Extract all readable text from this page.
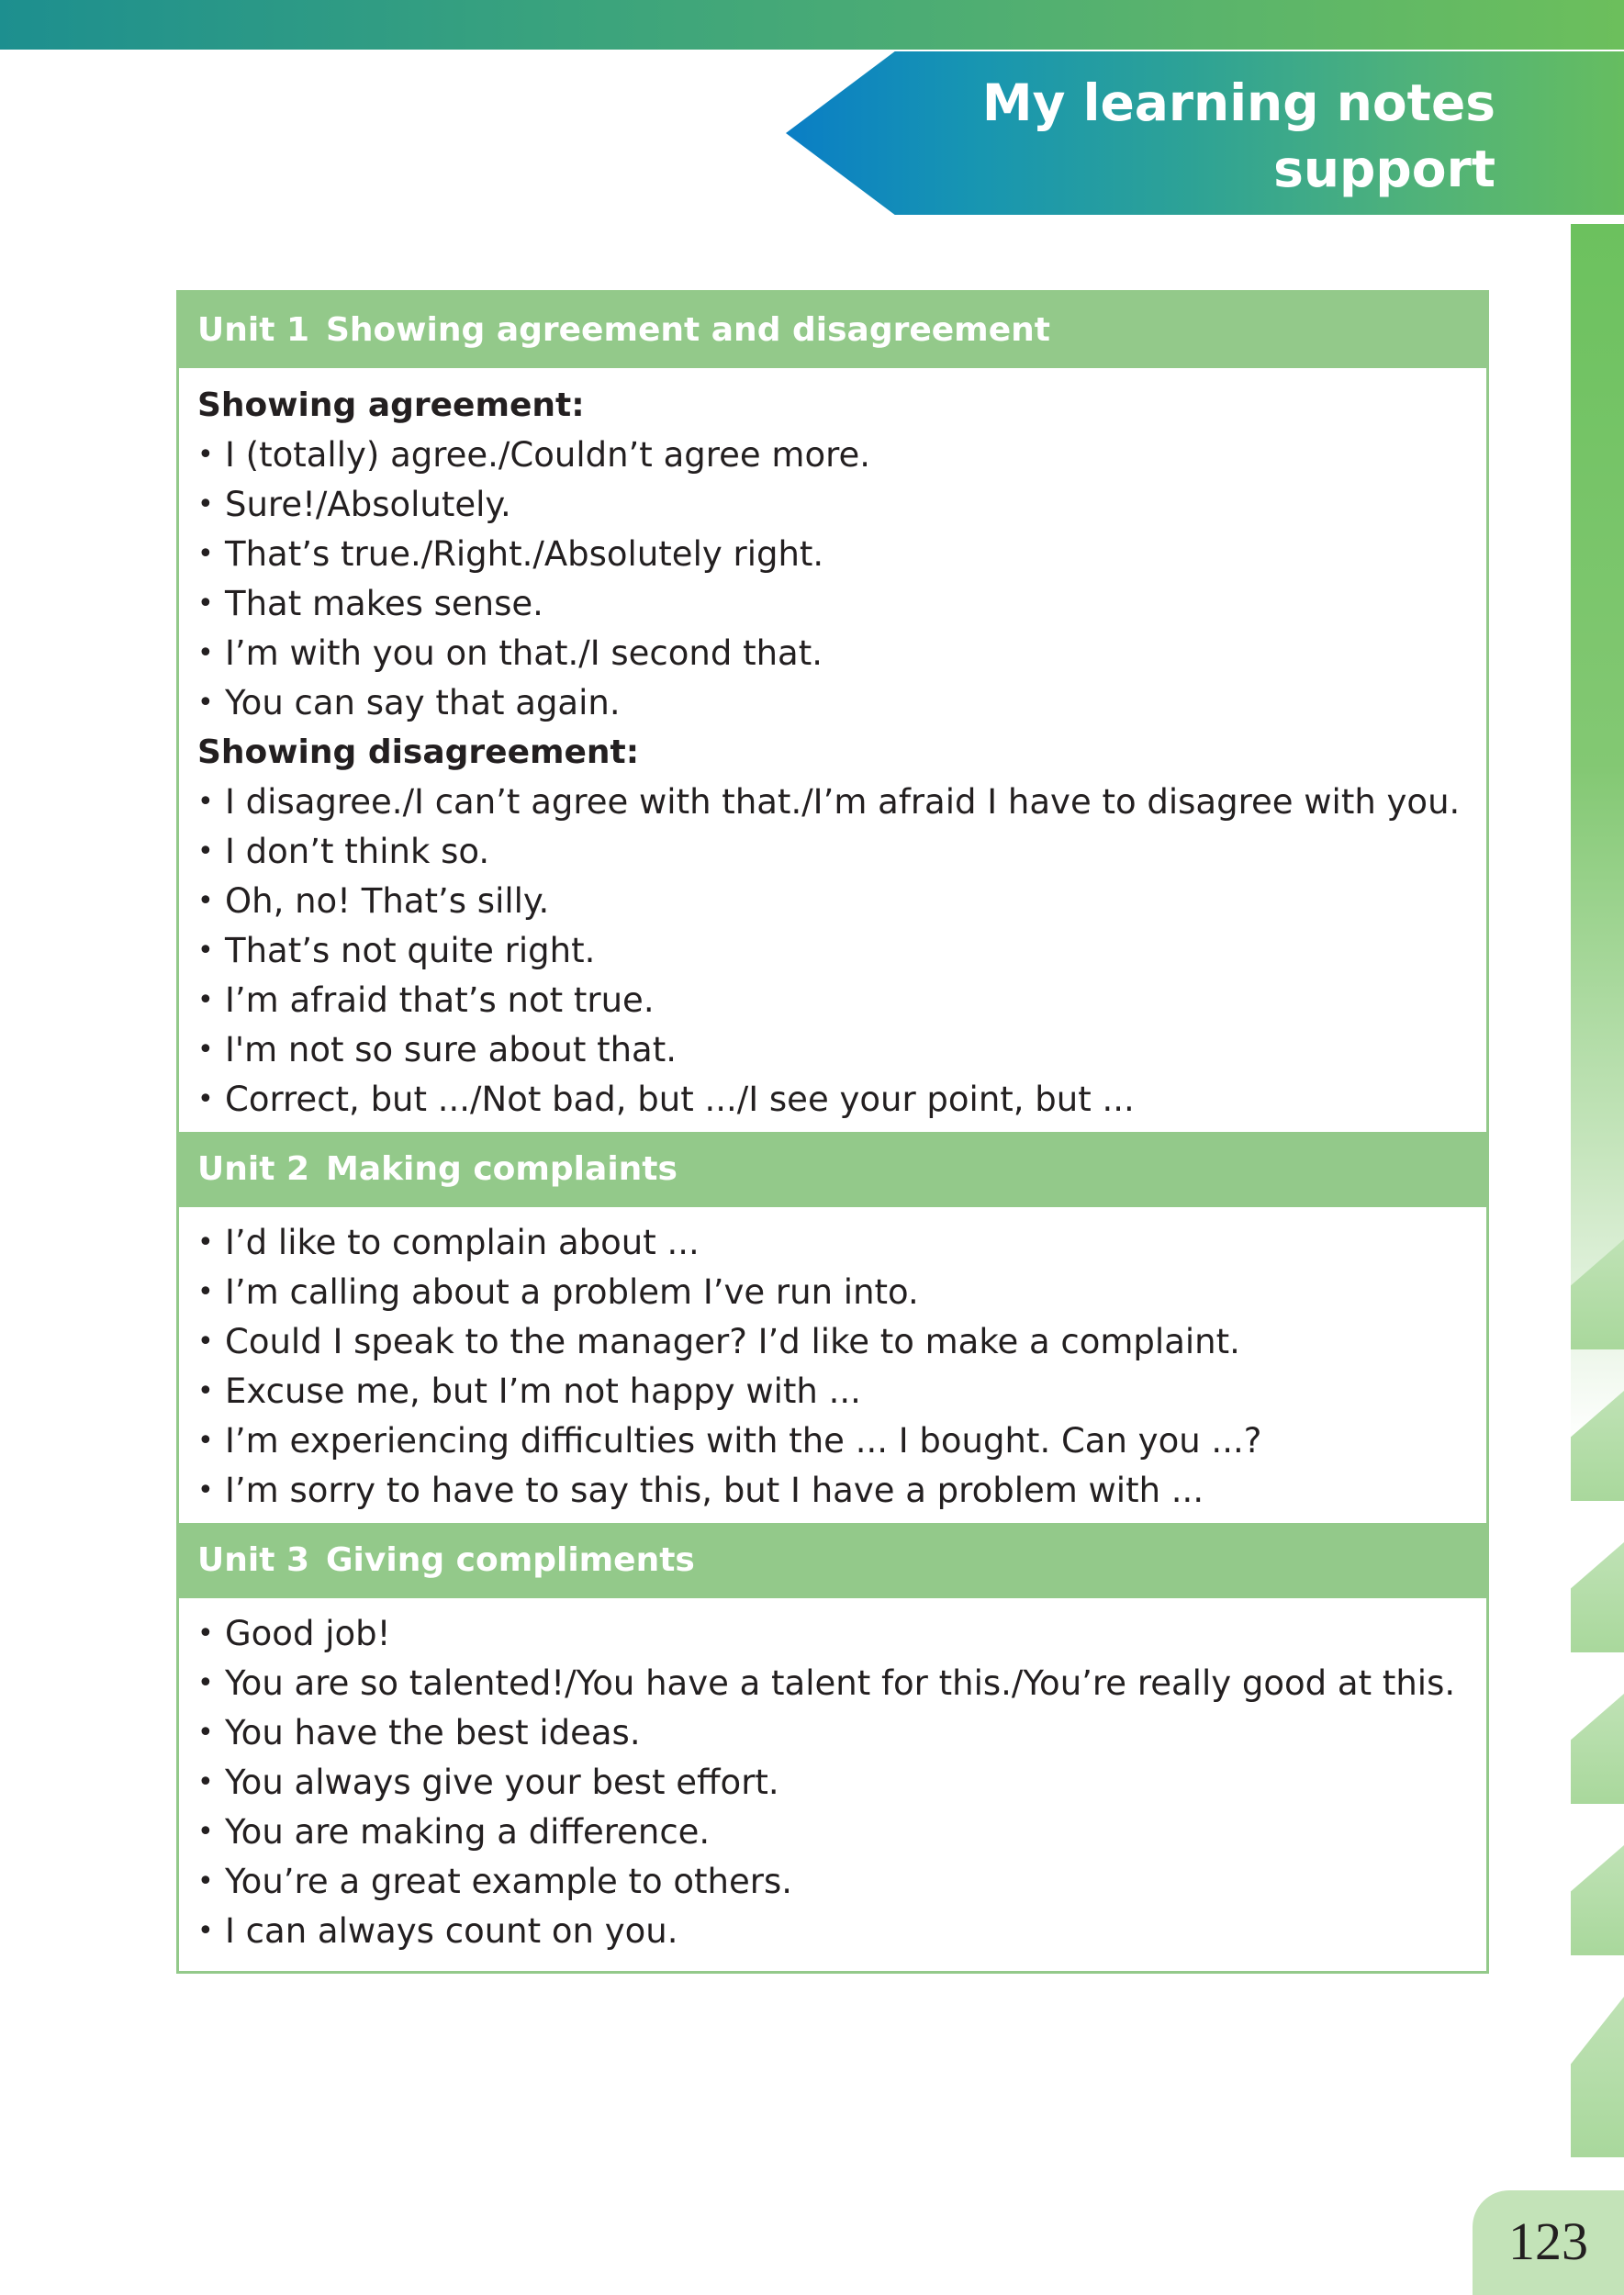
My learning notes
support
Unit 1 Showing agreement and disagreement
Showing agreement:
• I (totally) agree./Couldn’t agree more.
• Sure!/Absolutely.
• That’s true./Right./Absolutely right.
• That makes sense.
• I’m with you on that./I second that.
• You can say that again.
Showing disagreement:
• I disagree./I can’t agree with that./I’m afraid I have to disagree with you.
• I don’t think so.
• Oh, no! That’s silly.
• That’s not quite right.
• I’m afraid that’s not true.
• I'm not so sure about that.
• Correct, but .../Not bad, but .../I see your point, but ...
Unit 2 Making complaints
• I’d like to complain about ...
• I’m calling about a problem I’ve run into.
• Could I speak to the manager? I’d like to make a complaint.
• Excuse me, but I’m not happy with ...
• I’m experiencing difficulties with the ... I bought. Can you ...?
• I’m sorry to have to say this, but I have a problem with ...
Unit 3 Giving compliments
• Good job!
• You are so talented!/You have a talent for this./You’re really good at this.
• You have the best ideas.
• You always give your best effort.
• You are making a difference.
• You’re a great example to others.
• I can always count on you.
123
